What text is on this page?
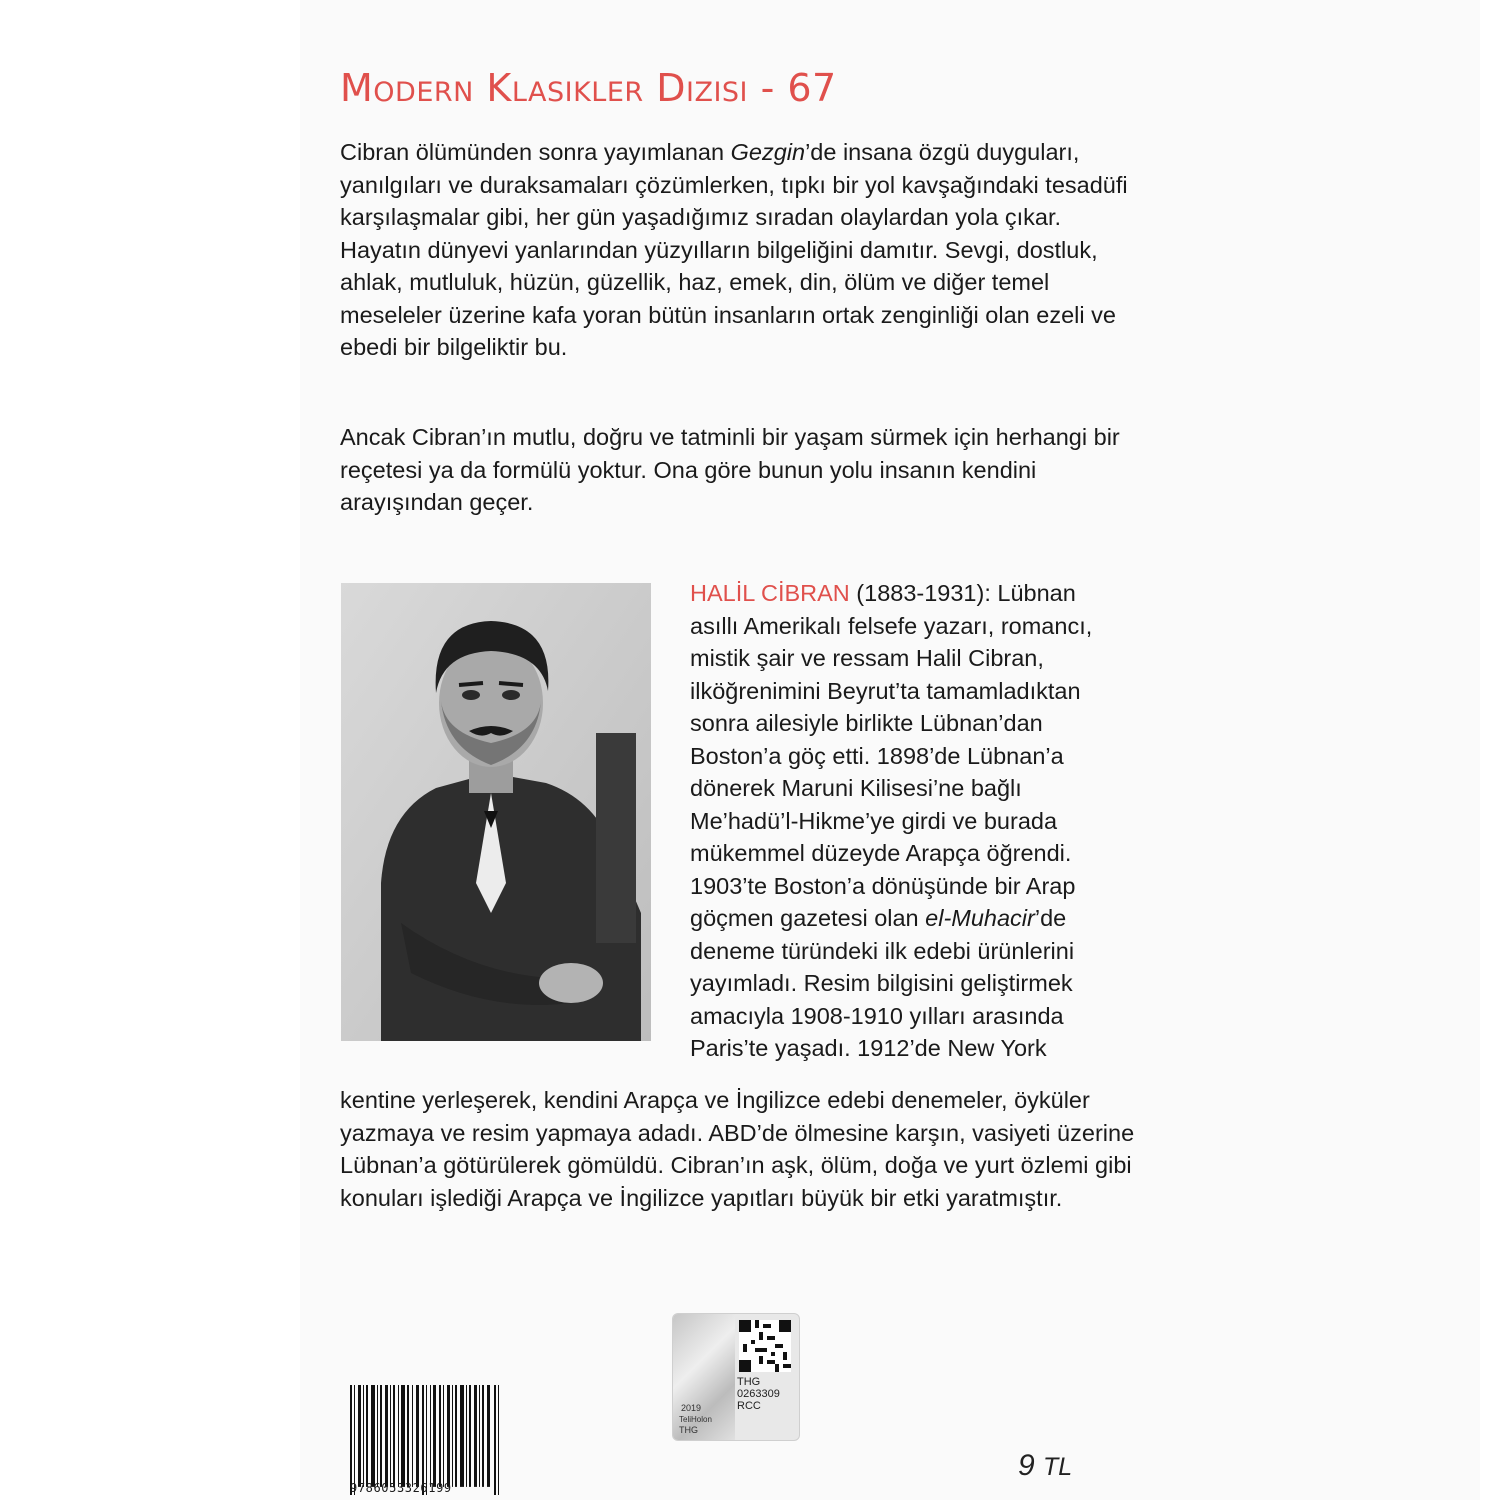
Modern Klasikler Dizisi - 67

Cibran ölümünden sonra yayımlanan Gezgin’de insana özgü duyguları, yanılgıları ve duraksamaları çözümlerken, tıpkı bir yol kavşağındaki tesadüfi karşılaşmalar gibi, her gün yaşadığımız sıradan olaylardan yola çıkar. Hayatın dünyevi yanlarından yüzyılların bilgeliğini damıtır. Sevgi, dostluk, ahlak, mutluluk, hüzün, güzellik, haz, emek, din, ölüm ve diğer temel meseleler üzerine kafa yoran bütün insanların ortak zenginliği olan ezeli ve ebedi bir bilgeliktir bu.

Ancak Cibran’ın mutlu, doğru ve tatminli bir yaşam sürmek için herhangi bir reçetesi ya da formülü yoktur. Ona göre bunun yolu insanın kendini arayışından geçer.

HALİL CİBRAN (1883-1931): Lübnan asıllı Amerikalı felsefe yazarı, romancı, mistik şair ve ressam Halil Cibran, ilköğrenimini Beyrut’ta tamamladıktan sonra ailesiyle birlikte Lübnan’dan Boston’a göç etti. 1898’de Lübnan’a dönerek Maruni Kilisesi’ne bağlı Me’hadü’l-Hikme’ye girdi ve burada mükemmel düzeyde Arapça öğrendi. 1903’te Boston’a dönüşünde bir Arap göçmen gazetesi olan el-Muhacir’de deneme türündeki ilk edebi ürünlerini yayımladı. Resim bilgisini geliştirmek amacıyla 1908-1910 yılları arasında Paris’te yaşadı. 1912’de New York

kentine yerleşerek, kendini Arapça ve İngilizce edebi denemeler, öyküler yazmaya ve resim yapmaya adadı. ABD’de ölmesine karşın, vasiyeti üzerine Lübnan’a götürülerek gömüldü. Cibran’ın aşk, ölüm, doğa ve yurt özlemi gibi konuları işlediği Arapça ve İngilizce yapıtları büyük bir etki yaratmıştır.

9786053326199
THG
0263309
RCC
2019
TeliHolon
THG
9 TL
